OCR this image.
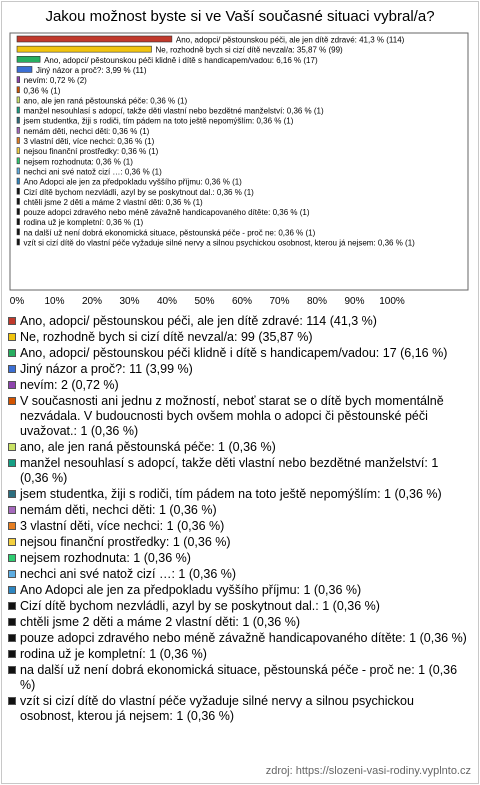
Jakou možnost byste si ve Vaší současné situaci vybral/a?
Ano, adopci/ pěstounskou péči, ale jen dítě zdravé: 41,3 % (114)
Ne, rozhodně bych si cizí dítě nevzal/a: 35,87 % (99)
Ano, adopci/ pěstounskou péči klidně i dítě s handicapem/vadou: 6,16 % (17)
Jiný názor a proč?: 3,99 % (11)
nevím: 0,72 % (2)
0,36 % (1)
ano, ale jen raná pěstounská péče: 0,36 % (1)
manžel nesouhlasí s adopcí, takže děti vlastní nebo bezdětné manželství: 0,36 % (1)
jsem studentka, žiji s rodiči, tím pádem na toto ještě nepomýšlím: 0,36 % (1)
nemám děti, nechci děti: 0,36 % (1)
3 vlastní děti, více nechci: 0,36 % (1)
nejsou finanční prostředky: 0,36 % (1)
nejsem rozhodnuta: 0,36 % (1)
nechci ani své natož cizí …: 0,36 % (1)
Ano Adopci ale jen za předpokladu vyššího příjmu: 0,36 % (1)
Cizí dítě bychom nezvládli, azyl by se poskytnout dal.: 0,36 % (1)
chtěli jsme 2 děti a máme 2 vlastní děti: 0,36 % (1)
pouze adopci zdravého nebo méně závažně handicapovaného dítěte: 0,36 % (1)
rodina už je kompletní: 0,36 % (1)
na další už není dobrá ekonomická situace, pěstounská péče - proč ne: 0,36 % (1)
vzít si cizí dítě do vlastní péče vyžaduje silné nervy a silnou psychickou osobnost, kterou já nejsem: 0,36 % (1)
0% 10% 20% 30% 40% 50% 60% 70% 80% 90% 100%
Ano, adopci/ pěstounskou péči, ale jen dítě zdravé: 114 (41,3 %)
Ne, rozhodně bych si cizí dítě nevzal/a: 99 (35,87 %)
Ano, adopci/ pěstounskou péči klidně i dítě s handicapem/vadou: 17 (6,16 %)
Jiný názor a proč?: 11 (3,99 %)
nevím: 2 (0,72 %)
V současnosti ani jednu z možností, neboť starat se o dítě bych momentálně nezvádala. V budoucnosti bych ovšem mohla o adopci či pěstounské péči uvažovat.: 1 (0,36 %)
ano, ale jen raná pěstounská péče: 1 (0,36 %)
manžel nesouhlasí s adopcí, takže děti vlastní nebo bezdětné manželství: 1 (0,36 %)
jsem studentka, žiji s rodiči, tím pádem na toto ještě nepomýšlím: 1 (0,36 %)
nemám děti, nechci děti: 1 (0,36 %)
3 vlastní děti, více nechci: 1 (0,36 %)
nejsou finanční prostředky: 1 (0,36 %)
nejsem rozhodnuta: 1 (0,36 %)
nechci ani své natož cizí …: 1 (0,36 %)
Ano Adopci ale jen za předpokladu vyššího příjmu: 1 (0,36 %)
Cizí dítě bychom nezvládli, azyl by se poskytnout dal.: 1 (0,36 %)
chtěli jsme 2 děti a máme 2 vlastní děti: 1 (0,36 %)
pouze adopci zdravého nebo méně závažně handicapovaného dítěte: 1 (0,36 %)
rodina už je kompletní: 1 (0,36 %)
na další už není dobrá ekonomická situace, pěstounská péče - proč ne: 1 (0,36 %)
vzít si cizí dítě do vlastní péče vyžaduje silné nervy a silnou psychickou osobnost, kterou já nejsem: 1 (0,36 %)
zdroj: https://slozeni-vasi-rodiny.vyplnto.cz
